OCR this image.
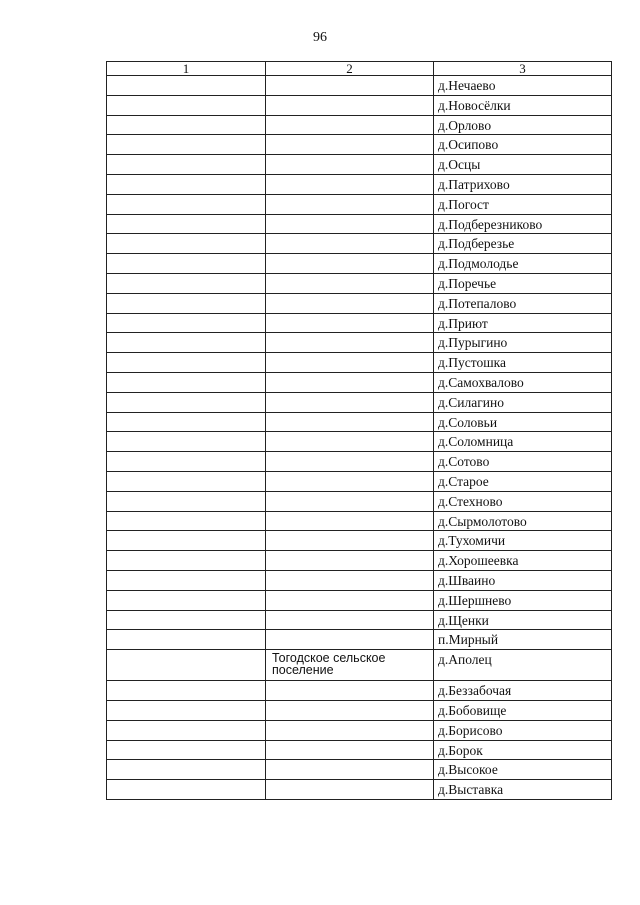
96
1	2	3
		д.Нечаево
		д.Новосёлки
		д.Орлово
		д.Осипово
		д.Осцы
		д.Патрихово
		д.Погост
		д.Подберезниково
		д.Подберезье
		д.Подмолодье
		д.Поречье
		д.Потепалово
		д.Приют
		д.Пурыгино
		д.Пустошка
		д.Самохвалово
		д.Силагино
		д.Соловьи
		д.Соломница
		д.Сотово
		д.Старое
		д.Стехново
		д.Сырмолотово
		д.Тухомичи
		д.Хорошеевка
		д.Шваино
		д.Шершнево
		д.Щенки
		п.Мирный
	Тогодское сельское поселение	д.Аполец
		д.Беззабочая
		д.Бобовище
		д.Борисово
		д.Борок
		д.Высокое
		д.Выставка
